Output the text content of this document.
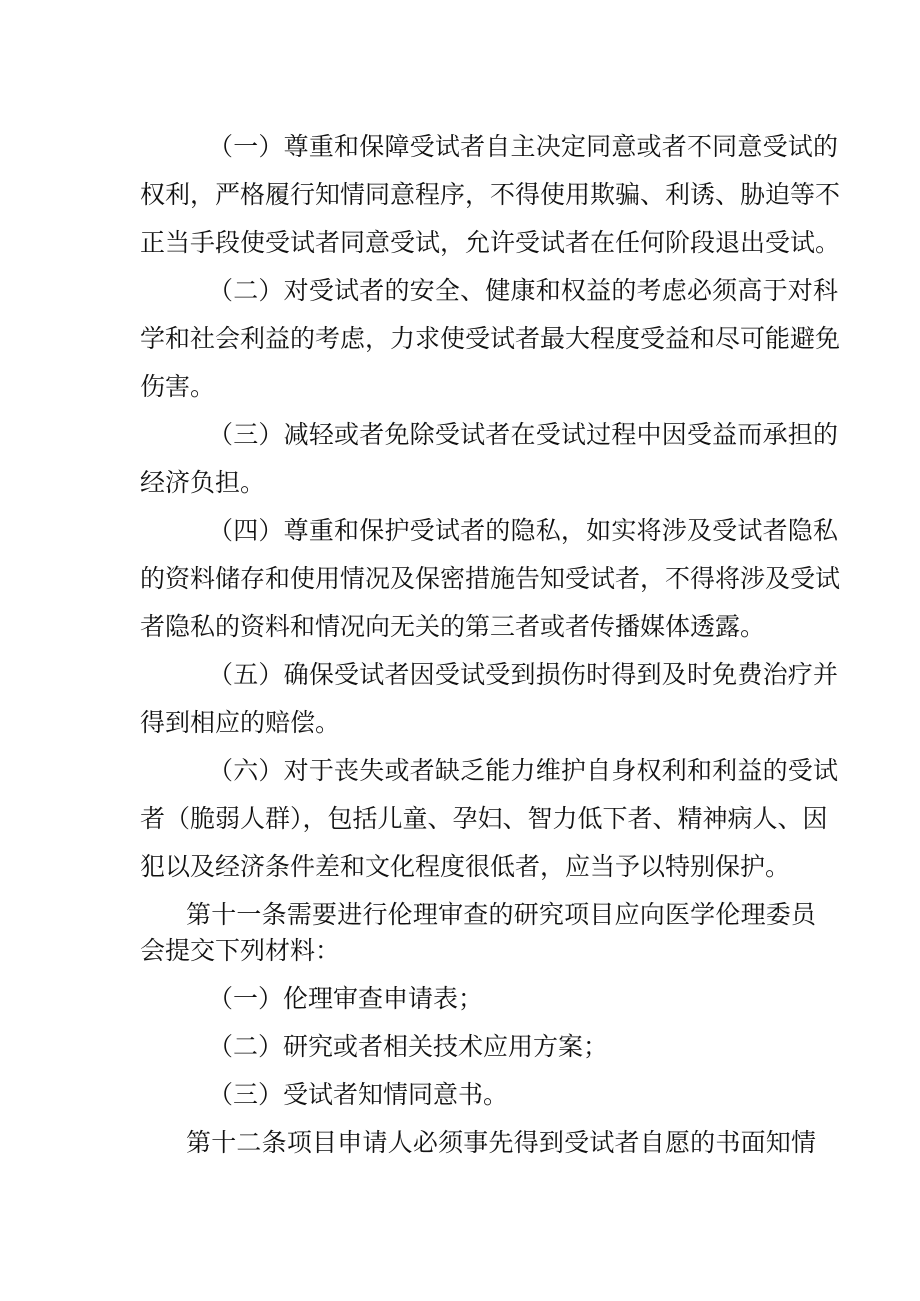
（一）尊重和保障受试者自主决定同意或者不同意受试的
权利，严格履行知情同意程序，不得使用欺骗、利诱、胁迫等不
正当手段使受试者同意受试，允许受试者在任何阶段退出受试。
（二）对受试者的安全、健康和权益的考虑必须高于对科
学和社会利益的考虑，力求使受试者最大程度受益和尽可能避免
伤害。
（三）减轻或者免除受试者在受试过程中因受益而承担的
经济负担。
（四）尊重和保护受试者的隐私，如实将涉及受试者隐私
的资料储存和使用情况及保密措施告知受试者，不得将涉及受试
者隐私的资料和情况向无关的第三者或者传播媒体透露。
（五）确保受试者因受试受到损伤时得到及时免费治疗并
得到相应的赔偿。
（六）对于丧失或者缺乏能力维护自身权利和利益的受试
者（脆弱人群），包括儿童、孕妇、智力低下者、精神病人、因
犯以及经济条件差和文化程度很低者，应当予以特别保护。
第十一条需要进行伦理审查的研究项目应向医学伦理委员
会提交下列材料：
（一）伦理审查申请表；
（二）研究或者相关技术应用方案；
（三）受试者知情同意书。
第十二条项目申请人必须事先得到受试者自愿的书面知情
